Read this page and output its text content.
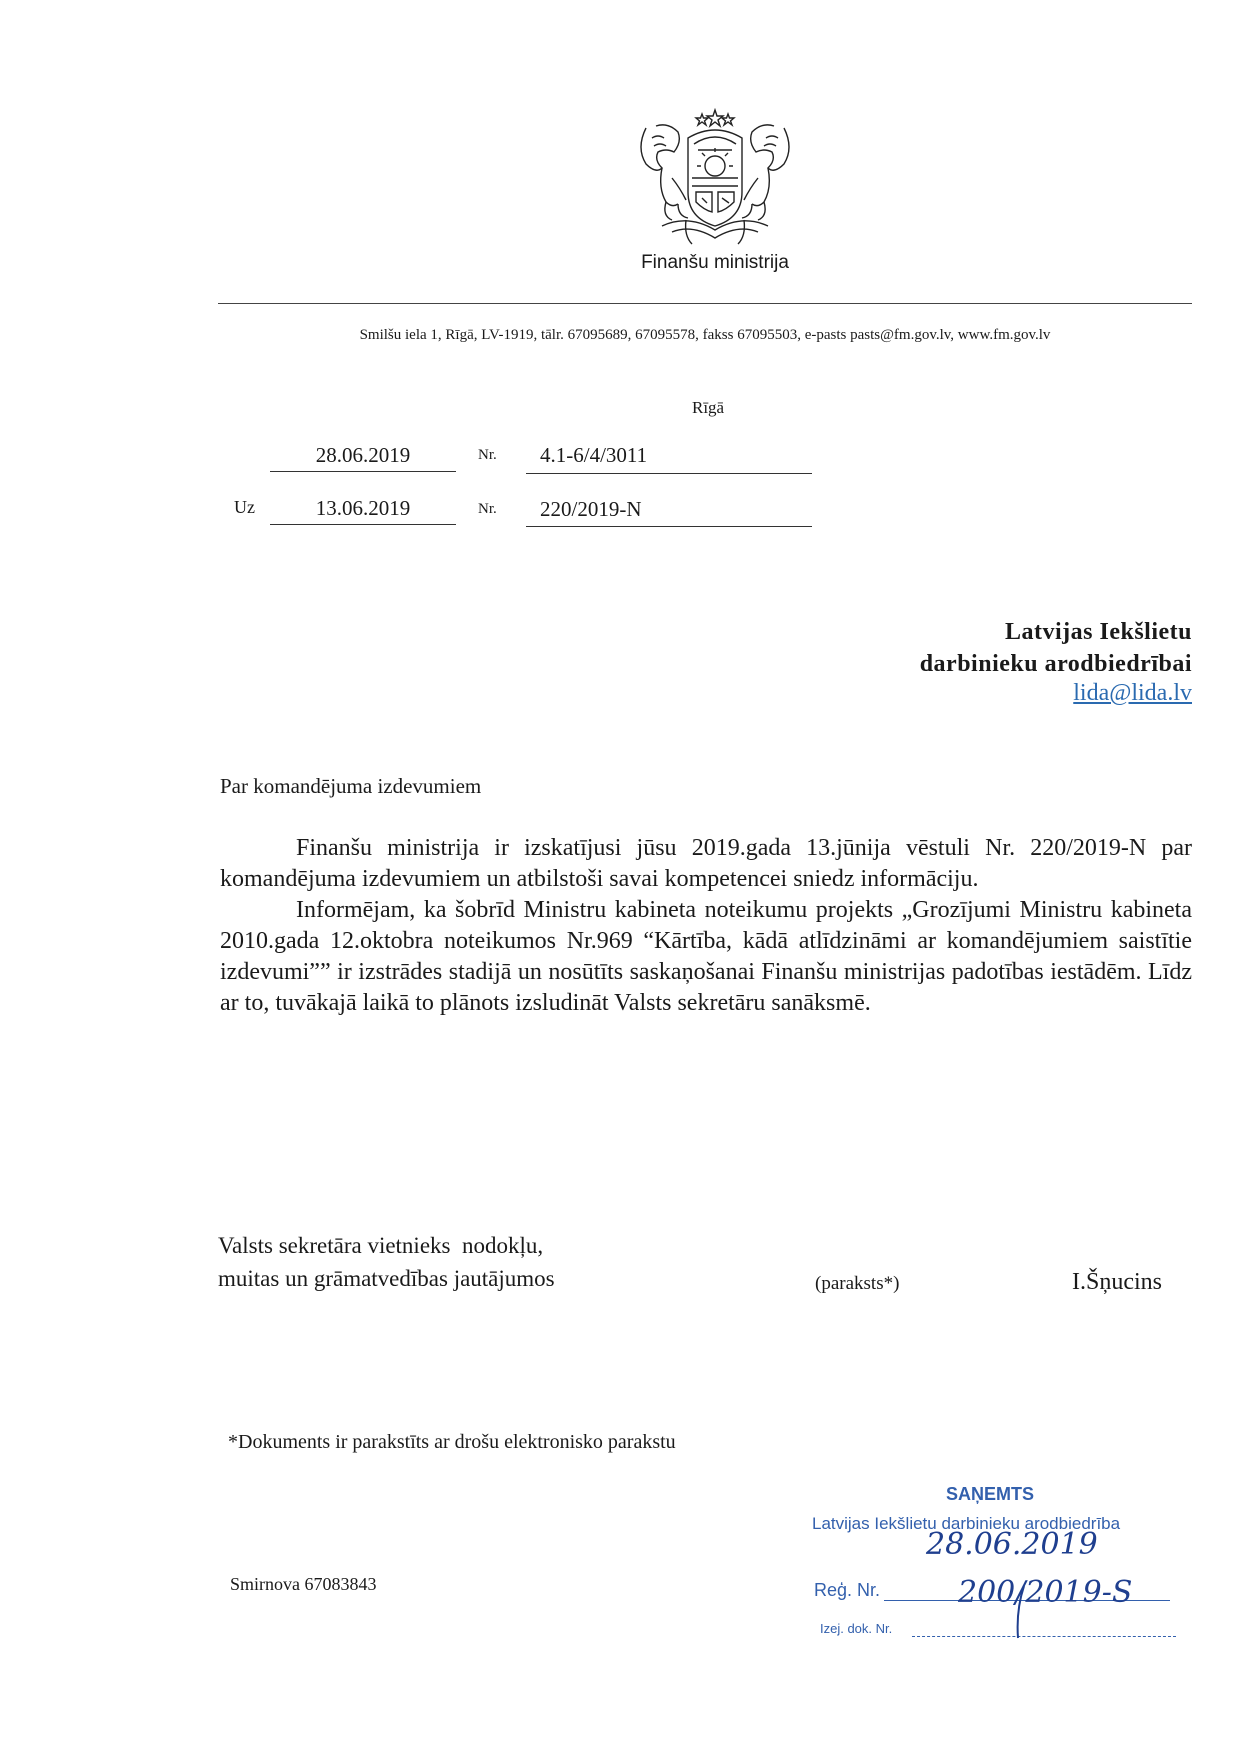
Finanšu ministrija
Smilšu iela 1, Rīgā, LV-1919, tālr. 67095689, 67095578, fakss 67095503, e-pasts pasts@fm.gov.lv, www.fm.gov.lv
Rīgā
28.06.2019	Nr.	4.1-6/4/3011
Uz	13.06.2019	Nr.	220/2019-N
Latvijas Iekšlietu
darbinieku arodbiedrībai
lida@lida.lv
Par komandējuma izdevumiem

Finanšu ministrija ir izskatījusi jūsu 2019.gada 13.jūnija vēstuli Nr. 220/2019-N par komandējuma izdevumiem un atbilstoši savai kompetencei sniedz informāciju.

Informējam, ka šobrīd Ministru kabineta noteikumu projekts „Grozījumi Ministru kabineta 2010.gada 12.oktobra noteikumos Nr.969 “Kārtība, kādā atlīdzināmi ar komandējumiem saistītie izdevumi”” ir izstrādes stadijā un nosūtīts saskaņošanai Finanšu ministrijas padotības iestādēm. Līdz ar to, tuvākajā laikā to plānots izsludināt Valsts sekretāru sanāksmē.

Valsts sekretāra vietnieks  nodokļu,
muitas un grāmatvedības jautājumos	(paraksts*)	I.Šņucins
*Dokuments ir parakstīts ar drošu elektronisko parakstu
Smirnova 67083843
SAŅEMTS
Latvijas Iekšlietu darbinieku arodbiedrība
Reģ. Nr.
Izej. dok. Nr.
28.06.2019
200/2019-S
